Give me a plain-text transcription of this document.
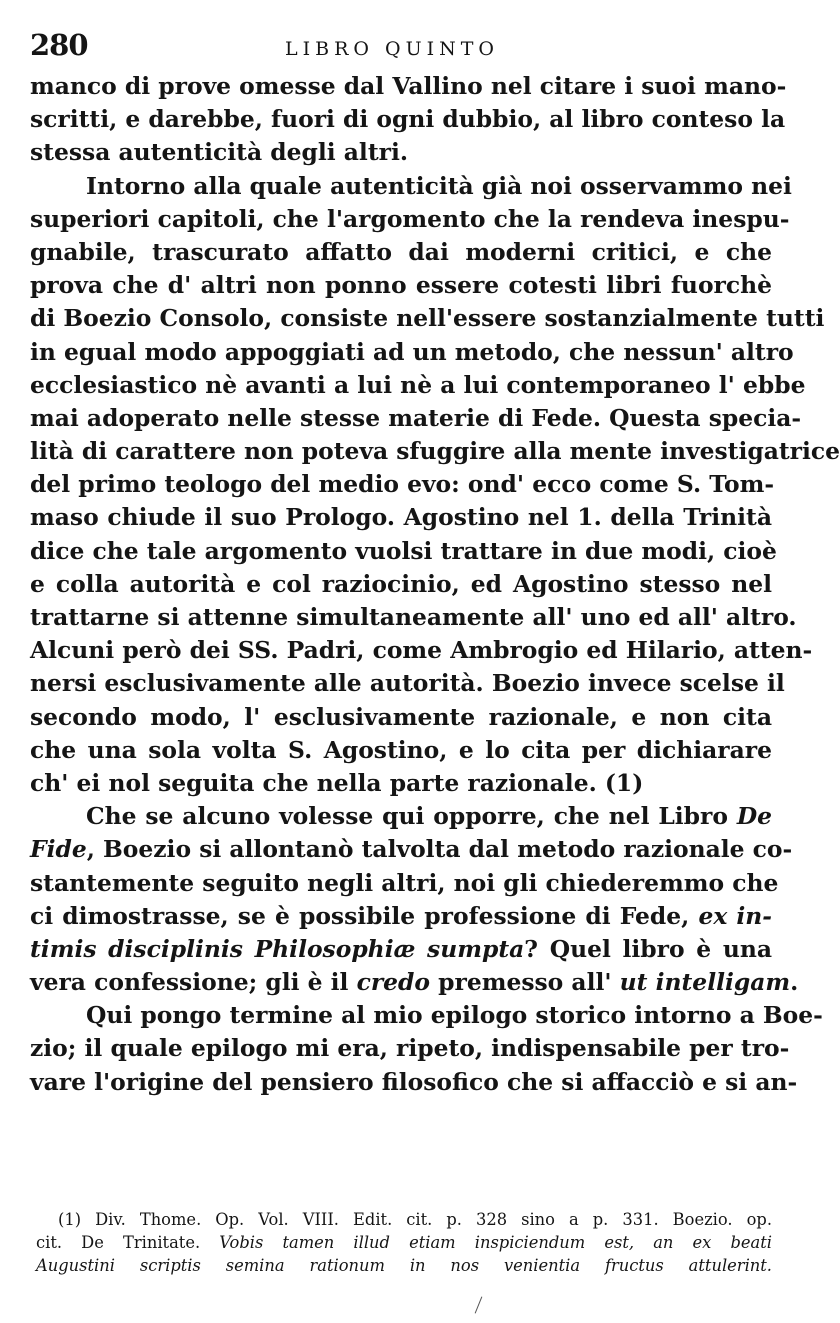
280	LIBRO QUINTO
manco di prove omesse dal Vallino nel citare i suoi mano-
scritti, e darebbe, fuori di ogni dubbio, al libro conteso la
stessa autenticità degli altri.
Intorno alla quale autenticità già noi osservammo nei
superiori capitoli, che l'argomento che la rendeva inespu-
gnabile, trascurato affatto dai moderni critici, e che
prova che d' altri non ponno essere cotesti libri fuorchè
di Boezio Consolo, consiste nell'essere sostanzialmente tutti
in egual modo appoggiati ad un metodo, che nessun' altro
ecclesiastico nè avanti a lui nè a lui contemporaneo l' ebbe
mai adoperato nelle stesse materie di Fede. Questa specia-
lità di carattere non poteva sfuggire alla mente investigatrice
del primo teologo del medio evo: ond' ecco come S. Tom-
maso chiude il suo Prologo. Agostino nel 1. della Trinità
dice che tale argomento vuolsi trattare in due modi, cioè
e colla autorità e col raziocinio, ed Agostino stesso nel
trattarne si attenne simultaneamente all' uno ed all' altro.
Alcuni però dei SS. Padri, come Ambrogio ed Hilario, atten-
nersi esclusivamente alle autorità. Boezio invece scelse il
secondo modo, l' esclusivamente razionale, e non cita
che una sola volta S. Agostino, e lo cita per dichiarare
ch' ei nol seguita che nella parte razionale. (1)
Che se alcuno volesse qui opporre, che nel Libro De
Fide, Boezio si allontanò talvolta dal metodo razionale co-
stantemente seguito negli altri, noi gli chiederemmo che
ci dimostrasse, se è possibile professione di Fede, ex in-
timis disciplinis Philosophiæ sumpta? Quel libro è una
vera confessione; gli è il credo premesso all' ut intelligam.
Qui pongo termine al mio epilogo storico intorno a Boe-
zio; il quale epilogo mi era, ripeto, indispensabile per tro-
vare l'origine del pensiero filosofico che si affacciò e si an-
(1) Div. Thome. Op. Vol. VIII. Edit. cit. p. 328 sino a p. 331. Boezio. op.
cit. De Trinitate. Vobis tamen illud etiam inspiciendum est, an ex beati
Augustini scriptis semina rationum in nos venientia fructus attulerint.
